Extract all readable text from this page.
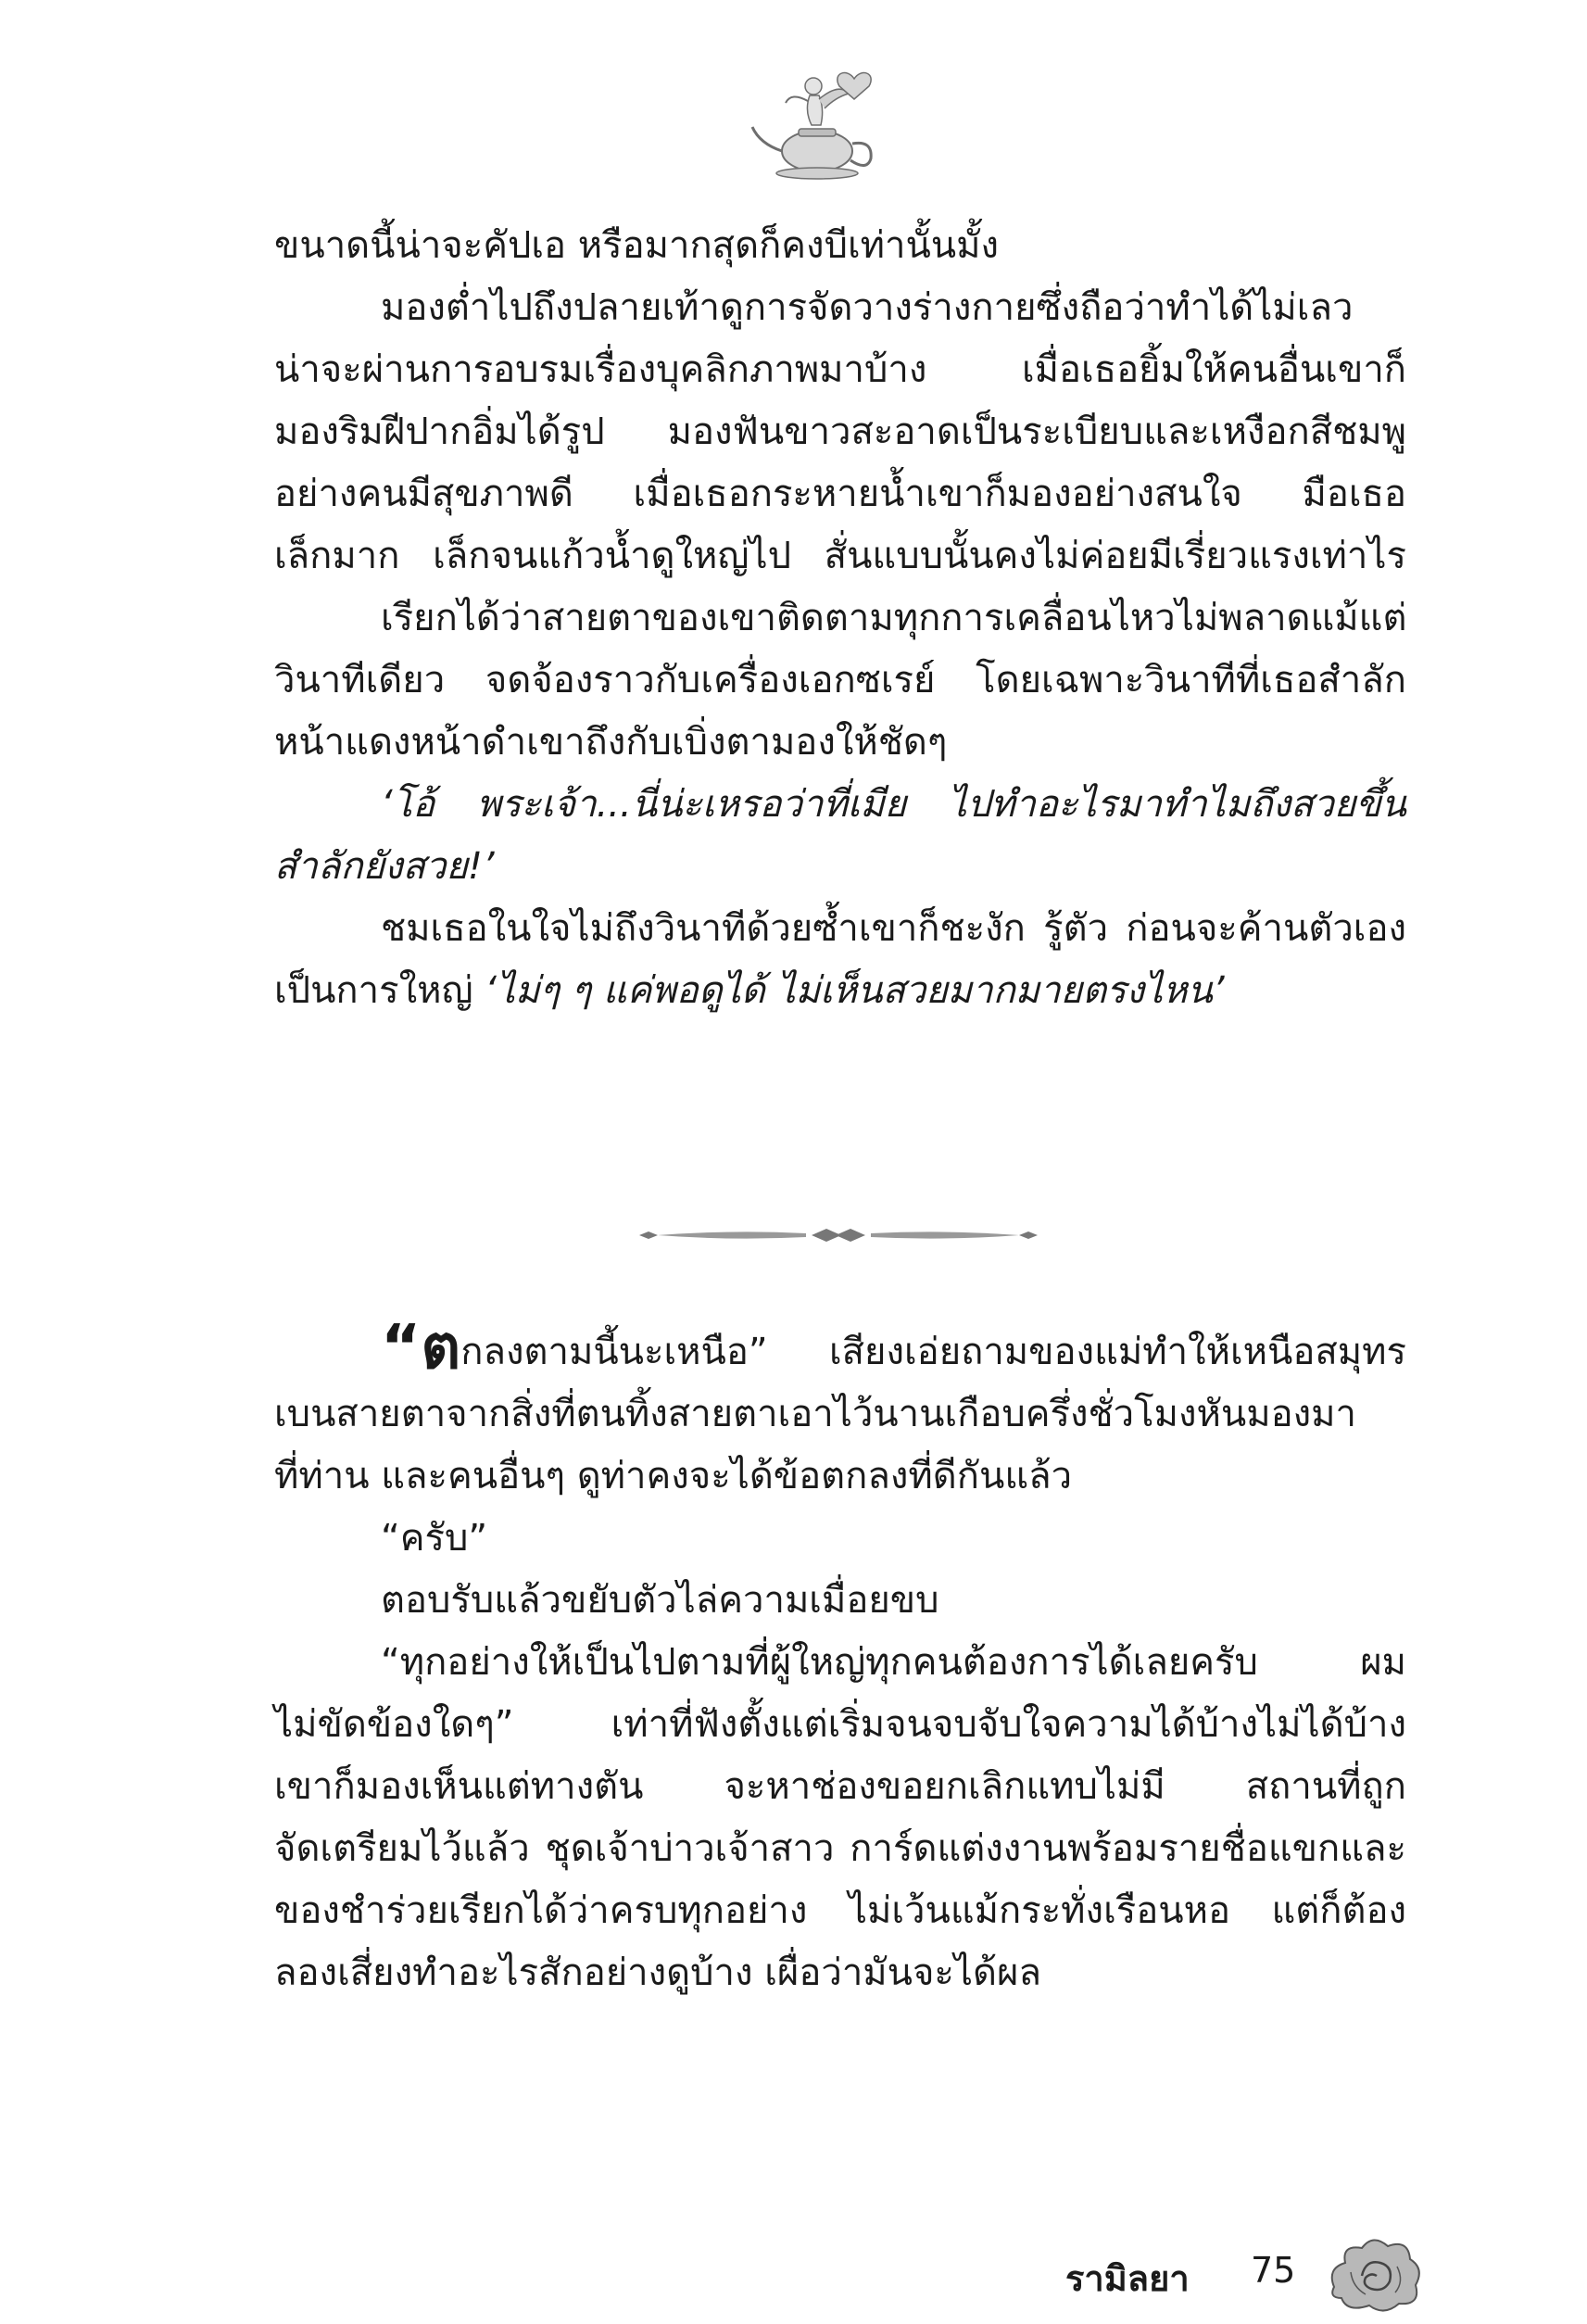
ขนาดนี้น่าจะคัปเอ หรือมากสุดก็คงบีเท่านั้นมั้ง
มองต่ำไปถึงปลายเท้าดูการจัดวางร่างกายซึ่งถือว่าทำได้ไม่เลว
น่าจะผ่านการอบรมเรื่องบุคลิกภาพมาบ้าง เมื่อเธอยิ้มให้คนอื่นเขาก็
มองริมฝีปากอิ่มได้รูป มองฟันขาวสะอาดเป็นระเบียบและเหงือกสีชมพู
อย่างคนมีสุขภาพดี เมื่อเธอกระหายน้ำเขาก็มองอย่างสนใจ มือเธอ
เล็กมาก เล็กจนแก้วน้ำดูใหญ่ไป สั่นแบบนั้นคงไม่ค่อยมีเรี่ยวแรงเท่าไร
เรียกได้ว่าสายตาของเขาติดตามทุกการเคลื่อนไหวไม่พลาดแม้แต่
วินาทีเดียว จดจ้องราวกับเครื่องเอกซเรย์ โดยเฉพาะวินาทีที่เธอสำลัก
หน้าแดงหน้าดำเขาถึงกับเบิ่งตามองให้ชัดๆ
‘โอ้ พระเจ้า...นี่น่ะเหรอว่าที่เมีย ไปทำอะไรมาทำไมถึงสวยขึ้น
สำลักยังสวย!’
ชมเธอในใจไม่ถึงวินาทีด้วยซ้ำเขาก็ชะงัก รู้ตัว ก่อนจะค้านตัวเอง
เป็นการใหญ่ ‘ไม่ๆ ๆ แค่พอดูได้ ไม่เห็นสวยมากมายตรงไหน’
“ตกลงตามนี้นะเหนือ” เสียงเอ่ยถามของแม่ทำให้เหนือสมุทร
เบนสายตาจากสิ่งที่ตนทิ้งสายตาเอาไว้นานเกือบครึ่งชั่วโมงหันมองมา
ที่ท่าน และคนอื่นๆ ดูท่าคงจะได้ข้อตกลงที่ดีกันแล้ว
“ครับ”
ตอบรับแล้วขยับตัวไล่ความเมื่อยขบ
“ทุกอย่างให้เป็นไปตามที่ผู้ใหญ่ทุกคนต้องการได้เลยครับ ผม
ไม่ขัดข้องใดๆ” เท่าที่ฟังตั้งแต่เริ่มจนจบจับใจความได้บ้างไม่ได้บ้าง
เขาก็มองเห็นแต่ทางตัน จะหาช่องขอยกเลิกแทบไม่มี สถานที่ถูก
จัดเตรียมไว้แล้ว ชุดเจ้าบ่าวเจ้าสาว การ์ดแต่งงานพร้อมรายชื่อแขกและ
ของชำร่วยเรียกได้ว่าครบทุกอย่าง ไม่เว้นแม้กระทั่งเรือนหอ แต่ก็ต้อง
ลองเสี่ยงทำอะไรสักอย่างดูบ้าง เผื่อว่ามันจะได้ผล
รามิลยา 75
